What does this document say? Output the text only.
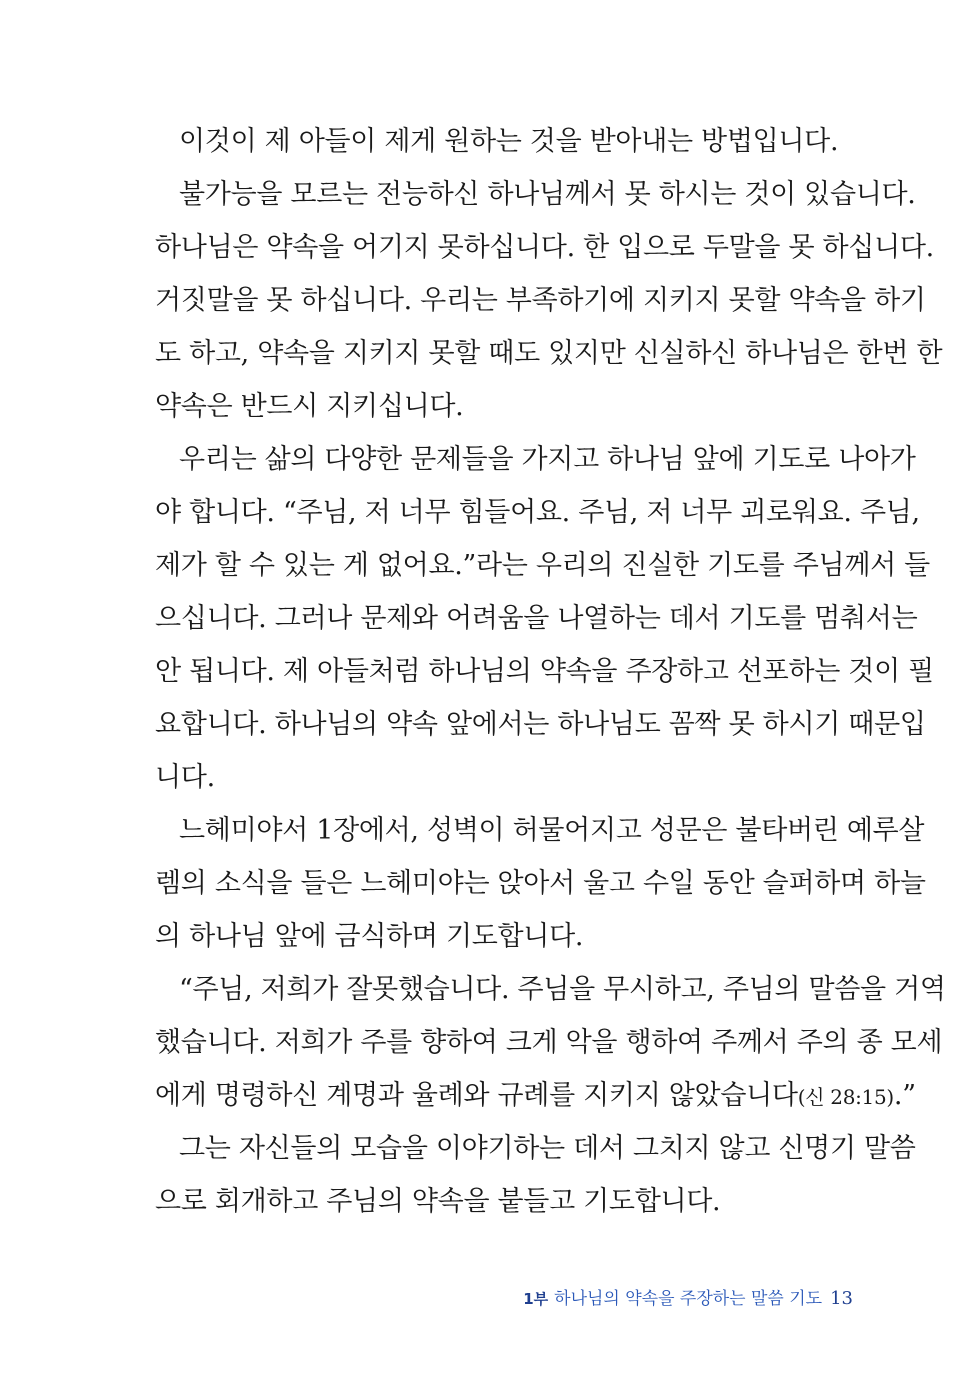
이것이 제 아들이 제게 원하는 것을 받아내는 방법입니다.
불가능을 모르는 전능하신 하나님께서 못 하시는 것이 있습니다.
하나님은 약속을 어기지 못하십니다. 한 입으로 두말을 못 하십니다.
거짓말을 못 하십니다. 우리는 부족하기에 지키지 못할 약속을 하기
도 하고, 약속을 지키지 못할 때도 있지만 신실하신 하나님은 한번 한
약속은 반드시 지키십니다.
우리는 삶의 다양한 문제들을 가지고 하나님 앞에 기도로 나아가
야 합니다. “주님, 저 너무 힘들어요. 주님, 저 너무 괴로워요. 주님,
제가 할 수 있는 게 없어요.”라는 우리의 진실한 기도를 주님께서 들
으십니다. 그러나 문제와 어려움을 나열하는 데서 기도를 멈춰서는
안 됩니다. 제 아들처럼 하나님의 약속을 주장하고 선포하는 것이 필
요합니다. 하나님의 약속 앞에서는 하나님도 꼼짝 못 하시기 때문입
니다.
느헤미야서 1장에서, 성벽이 허물어지고 성문은 불타버린 예루살
렘의 소식을 들은 느헤미야는 앉아서 울고 수일 동안 슬퍼하며 하늘
의 하나님 앞에 금식하며 기도합니다.
“주님, 저희가 잘못했습니다. 주님을 무시하고, 주님의 말씀을 거역
했습니다. 저희가 주를 향하여 크게 악을 행하여 주께서 주의 종 모세
에게 명령하신 계명과 율례와 규례를 지키지 않았습니다(신 28:15).”
그는 자신들의 모습을 이야기하는 데서 그치지 않고 신명기 말씀
으로 회개하고 주님의 약속을 붙들고 기도합니다.
1부 하나님의 약속을 주장하는 말씀 기도 13
